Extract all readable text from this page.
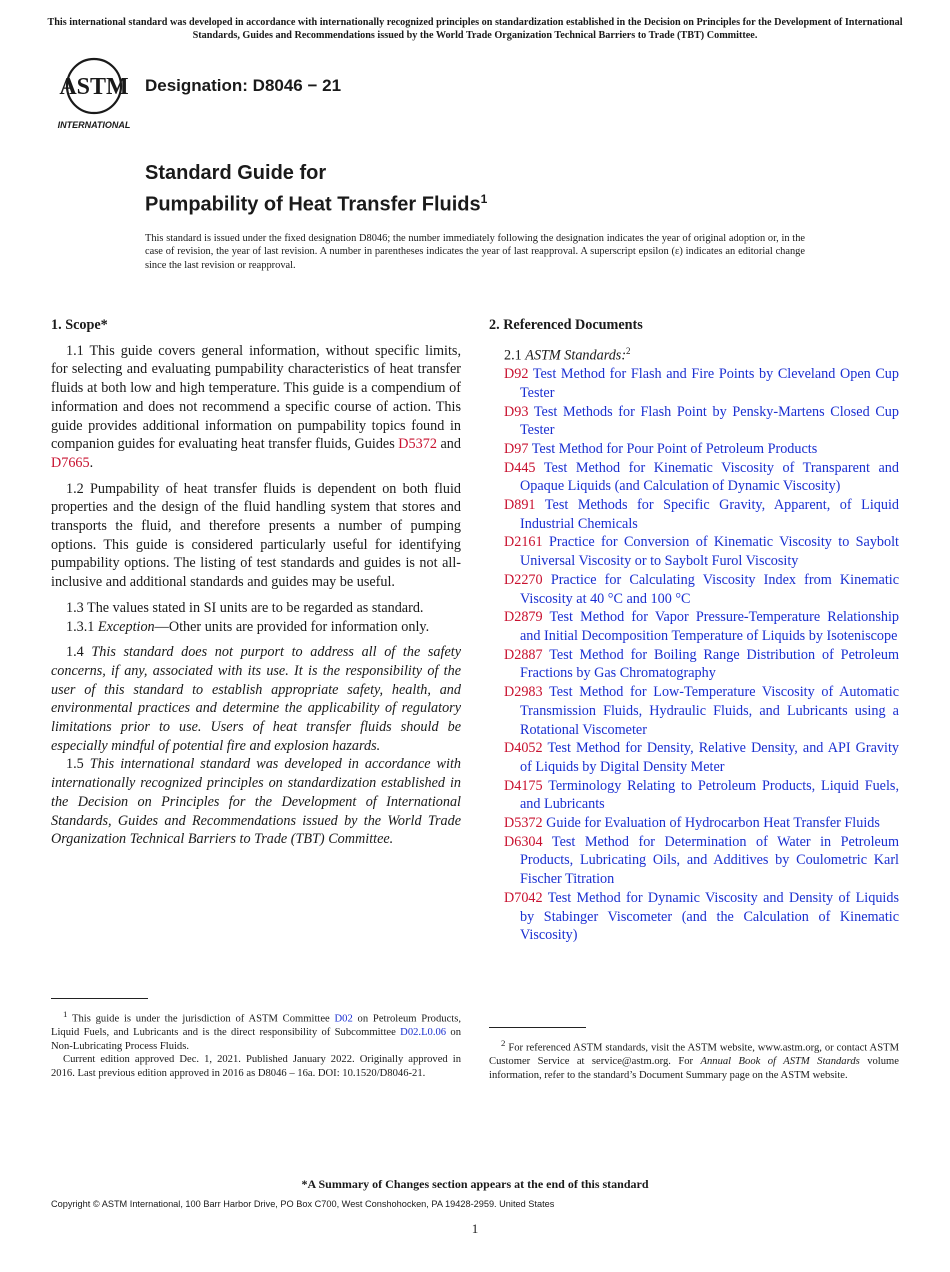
This international standard was developed in accordance with internationally recognized principles on standardization established in the Decision on Principles for the Development of International Standards, Guides and Recommendations issued by the World Trade Organization Technical Barriers to Trade (TBT) Committee.
ASTM
INTERNATIONAL
Designation: D8046 − 21
Standard Guide for
Pumpability of Heat Transfer Fluids$^1$
This standard is issued under the fixed designation D8046; the number immediately following the designation indicates the year of original adoption or, in the case of revision, the year of last revision. A number in parentheses indicates the year of last reapproval. A superscript epsilon (ε) indicates an editorial change since the last revision or reapproval.

1. Scope*

1.1 This guide covers general information, without specific limits, for selecting and evaluating pumpability characteristics of heat transfer fluids at both low and high temperature. This guide is a compendium of information and does not recommend a specific course of action. This guide provides additional information on pumpability topics found in companion guides for evaluating heat transfer fluids, Guides D5372 and D7665.

1.2 Pumpability of heat transfer fluids is dependent on both fluid properties and the design of the fluid handling system that stores and transports the fluid, and therefore presents a number of pumping options. This guide is considered particularly useful for identifying pumpability options. The listing of test standards and guides is not all-inclusive and additional standards and guides may be useful.

1.3 The values stated in SI units are to be regarded as standard.

1.3.1 Exception—Other units are provided for information only.

1.4 This standard does not purport to address all of the safety concerns, if any, associated with its use. It is the responsibility of the user of this standard to establish appropriate safety, health, and environmental practices and determine the applicability of regulatory limitations prior to use. Users of heat transfer fluids should be especially mindful of potential fire and explosion hazards.

1.5 This international standard was developed in accordance with internationally recognized principles on standardization established in the Decision on Principles for the Development of International Standards, Guides and Recommendations issued by the World Trade Organization Technical Barriers to Trade (TBT) Committee.

2. Referenced Documents

2.1 ASTM Standards:$^2$

D92 Test Method for Flash and Fire Points by Cleveland Open Cup Tester

D93 Test Methods for Flash Point by Pensky-Martens Closed Cup Tester

D97 Test Method for Pour Point of Petroleum Products

D445 Test Method for Kinematic Viscosity of Transparent and Opaque Liquids (and Calculation of Dynamic Viscosity)

D891 Test Methods for Specific Gravity, Apparent, of Liquid Industrial Chemicals

D2161 Practice for Conversion of Kinematic Viscosity to Saybolt Universal Viscosity or to Saybolt Furol Viscosity

D2270 Practice for Calculating Viscosity Index from Kinematic Viscosity at 40 °C and 100 °C

D2879 Test Method for Vapor Pressure-Temperature Relationship and Initial Decomposition Temperature of Liquids by Isoteniscope

D2887 Test Method for Boiling Range Distribution of Petroleum Fractions by Gas Chromatography

D2983 Test Method for Low-Temperature Viscosity of Automatic Transmission Fluids, Hydraulic Fluids, and Lubricants using a Rotational Viscometer

D4052 Test Method for Density, Relative Density, and API Gravity of Liquids by Digital Density Meter

D4175 Terminology Relating to Petroleum Products, Liquid Fuels, and Lubricants

D5372 Guide for Evaluation of Hydrocarbon Heat Transfer Fluids

D6304 Test Method for Determination of Water in Petroleum Products, Lubricating Oils, and Additives by Coulometric Karl Fischer Titration

D7042 Test Method for Dynamic Viscosity and Density of Liquids by Stabinger Viscometer (and the Calculation of Kinematic Viscosity)

$^1$ This guide is under the jurisdiction of ASTM Committee D02 on Petroleum Products, Liquid Fuels, and Lubricants and is the direct responsibility of Subcommittee D02.L0.06 on Non-Lubricating Process Fluids.

Current edition approved Dec. 1, 2021. Published January 2022. Originally approved in 2016. Last previous edition approved in 2016 as D8046 – 16a. DOI: 10.1520/D8046-21.

$^2$ For referenced ASTM standards, visit the ASTM website, www.astm.org, or contact ASTM Customer Service at service@astm.org. For Annual Book of ASTM Standards volume information, refer to the standard’s Document Summary page on the ASTM website.

*A Summary of Changes section appears at the end of this standard
Copyright © ASTM International, 100 Barr Harbor Drive, PO Box C700, West Conshohocken, PA 19428-2959. United States
1
